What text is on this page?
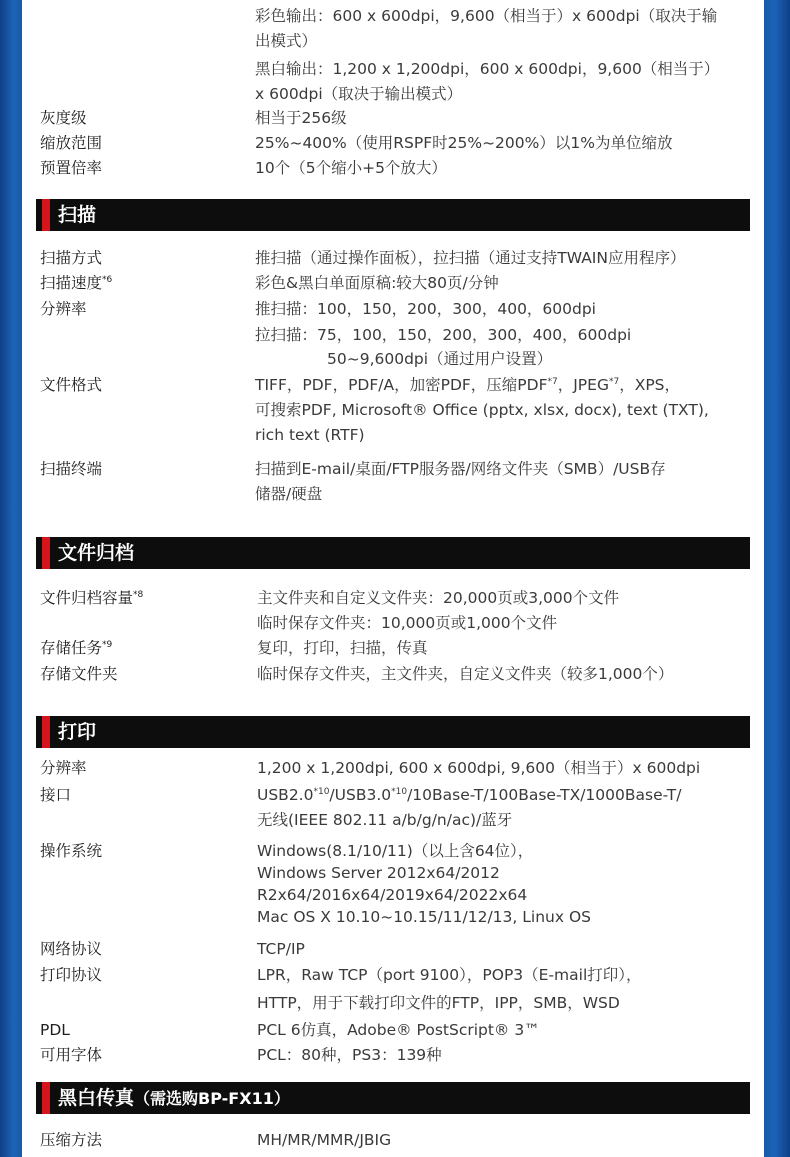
彩色输出：600 x 600dpi，9,600（相当于）x 600dpi（取决于输
出模式）
黑白输出：1,200 x 1,200dpi，600 x 600dpi，9,600（相当于）
x 600dpi（取决于输出模式）
灰度级	相当于256级
缩放范围	25%~400%（使用RSPF时25%~200%）以1%为单位缩放
预置倍率	10个（5个缩小+5个放大）
扫描
扫描方式	推扫描（通过操作面板），拉扫描（通过支持TWAIN应用程序）
扫描速度$^{*6}$	彩色&黑白单面原稿:较大80页/分钟
分辨率	推扫描：100，150，200，300，400，600dpi
拉扫描：75，100，150，200，300，400，600dpi
50~9,600dpi（通过用户设置）
文件格式	TIFF，PDF，PDF/A，加密PDF，压缩PDF$^{*7}$，JPEG$^{*7}$，XPS，
可搜索PDF, Microsoft® Office (pptx, xlsx, docx), text (TXT),
rich text (RTF)
扫描终端	扫描到E-mail/桌面/FTP服务器/网络文件夹（SMB）/USB存
储器/硬盘
文件归档
文件归档容量$^{*8}$	主文件夹和自定义文件夹：20,000页或3,000个文件
临时保存文件夹：10,000页或1,000个文件
存储任务$^{*9}$	复印，打印，扫描，传真
存储文件夹	临时保存文件夹，主文件夹，自定义文件夹（较多1,000个）
打印
分辨率	1,200 x 1,200dpi, 600 x 600dpi, 9,600（相当于）x 600dpi
接口	USB2.0$^{*10}$/USB3.0$^{*10}$/10Base-T/100Base-TX/1000Base-T/
无线(IEEE 802.11 a/b/g/n/ac)/蓝牙
操作系统	Windows(8.1/10/11)（以上含64位），
Windows Server 2012x64/2012
R2x64/2016x64/2019x64/2022x64
Mac OS X 10.10~10.15/11/12/13, Linux OS
网络协议	TCP/IP
打印协议	LPR，Raw TCP（port 9100），POP3（E-mail打印），
HTTP，用于下载打印文件的FTP，IPP，SMB，WSD
PDL	PCL 6仿真，Adobe® PostScript® 3™
可用字体	PCL：80种，PS3：139种
黑白传真（需选购BP-FX11）
压缩方法	MH/MR/MMR/JBIG
